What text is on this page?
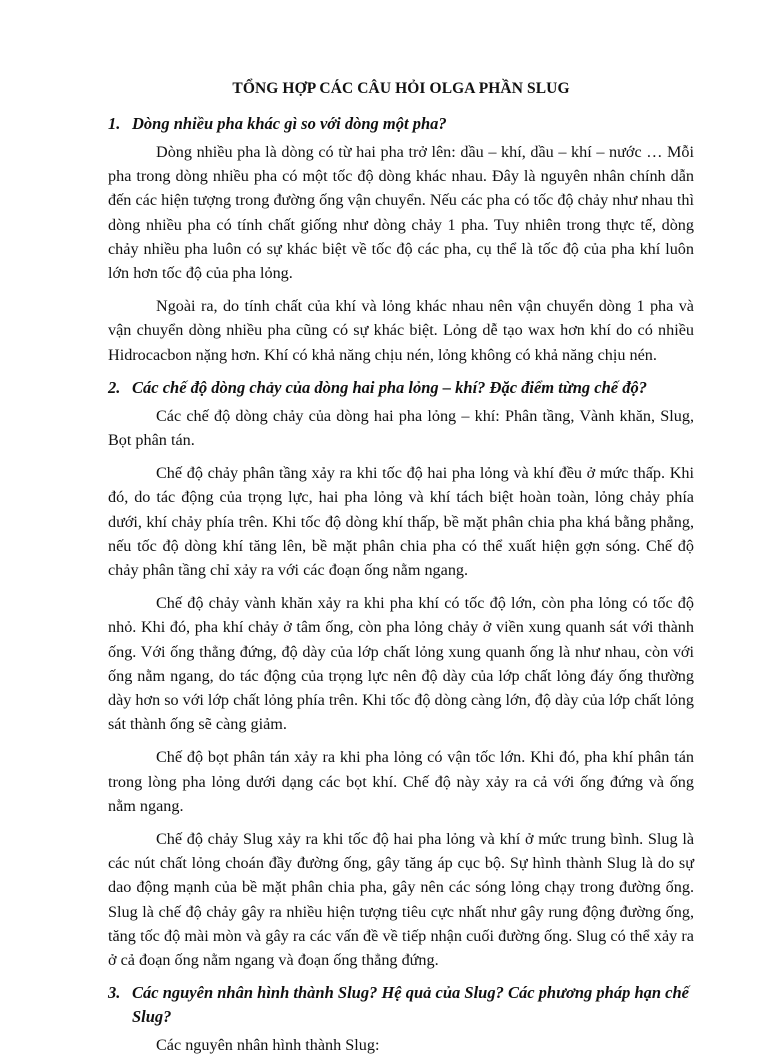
TỔNG HỢP CÁC CÂU HỎI OLGA PHẦN SLUG
1. Dòng nhiều pha khác gì so với dòng một pha?

Dòng nhiều pha là dòng có từ hai pha trở lên: dầu – khí, dầu – khí – nước … Mỗi pha trong dòng nhiều pha có một tốc độ dòng khác nhau. Đây là nguyên nhân chính dẫn đến các hiện tượng trong đường ống vận chuyển. Nếu các pha có tốc độ chảy như nhau thì dòng nhiều pha có tính chất giống như dòng chảy 1 pha. Tuy nhiên trong thực tế, dòng chảy nhiều pha luôn có sự khác biệt về tốc độ các pha, cụ thể là tốc độ của pha khí luôn lớn hơn tốc độ của pha lỏng.

Ngoài ra, do tính chất của khí và lỏng khác nhau nên vận chuyển dòng 1 pha và vận chuyển dòng nhiều pha cũng có sự khác biệt. Lỏng dễ tạo wax hơn khí do có nhiều Hidrocacbon nặng hơn. Khí có khả năng chịu nén, lỏng không có khả năng chịu nén.

2. Các chế độ dòng chảy của dòng hai pha lỏng – khí? Đặc điểm từng chế độ?

Các chế độ dòng chảy của dòng hai pha lỏng – khí: Phân tầng, Vành khăn, Slug, Bọt phân tán.

Chế độ chảy phân tầng xảy ra khi tốc độ hai pha lỏng và khí đều ở mức thấp. Khi đó, do tác động của trọng lực, hai pha lỏng và khí tách biệt hoàn toàn, lỏng chảy phía dưới, khí chảy phía trên. Khi tốc độ dòng khí thấp, bề mặt phân chia pha khá bằng phẳng, nếu tốc độ dòng khí tăng lên, bề mặt phân chia pha có thể xuất hiện gợn sóng. Chế độ chảy phân tầng chỉ xảy ra với các đoạn ống nằm ngang.

Chế độ chảy vành khăn xảy ra khi pha khí có tốc độ lớn, còn pha lỏng có tốc độ nhỏ. Khi đó, pha khí chảy ở tâm ống, còn pha lỏng chảy ở viền xung quanh sát với thành ống. Với ống thẳng đứng, độ dày của lớp chất lỏng xung quanh ống là như nhau, còn với ống nằm ngang, do tác động của trọng lực nên độ dày của lớp chất lỏng đáy ống thường dày hơn so với lớp chất lỏng phía trên. Khi tốc độ dòng càng lớn, độ dày của lớp chất lỏng sát thành ống sẽ càng giảm.

Chế độ bọt phân tán xảy ra khi pha lỏng có vận tốc lớn. Khi đó, pha khí phân tán trong lòng pha lỏng dưới dạng các bọt khí. Chế độ này xảy ra cả với ống đứng và ống nằm ngang.

Chế độ chảy Slug xảy ra khi tốc độ hai pha lỏng và khí ở mức trung bình. Slug là các nút chất lỏng choán đầy đường ống, gây tăng áp cục bộ. Sự hình thành Slug là do sự dao động mạnh của bề mặt phân chia pha, gây nên các sóng lỏng chạy trong đường ống. Slug là chế độ chảy gây ra nhiều hiện tượng tiêu cực nhất như gây rung động đường ống, tăng tốc độ mài mòn và gây ra các vấn đề về tiếp nhận cuối đường ống. Slug có thể xảy ra ở cả đoạn ống nằm ngang và đoạn ống thẳng đứng.

3. Các nguyên nhân hình thành Slug? Hệ quả của Slug? Các phương pháp hạn chế Slug?

Các nguyên nhân hình thành Slug:
